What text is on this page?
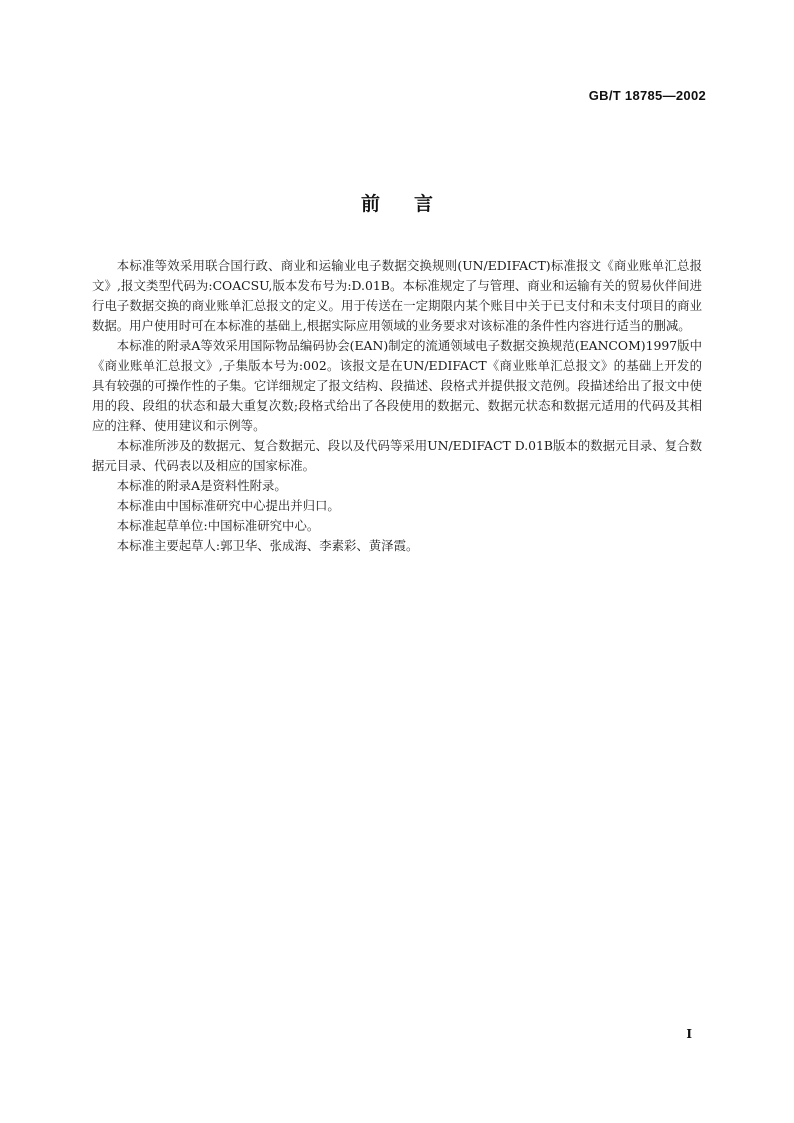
GB/T 18785—2002
前言

本标准等效采用联合国行政、商业和运输业电子数据交换规则(UN/EDIFACT)标准报文《商业账单汇总报文》,报文类型代码为:COACSU,版本发布号为:D.01B。本标准规定了与管理、商业和运输有关的贸易伙伴间进行电子数据交换的商业账单汇总报文的定义。用于传送在一定期限内某个账目中关于已支付和未支付项目的商业数据。用户使用时可在本标准的基础上,根据实际应用领域的业务要求对该标准的条件性内容进行适当的删减。

本标准的附录A等效采用国际物品编码协会(EAN)制定的流通领域电子数据交换规范(EANCOM)1997版中《商业账单汇总报文》,子集版本号为:002。该报文是在UN/EDIFACT《商业账单汇总报文》的基础上开发的具有较强的可操作性的子集。它详细规定了报文结构、段描述、段格式并提供报文范例。段描述给出了报文中使用的段、段组的状态和最大重复次数;段格式给出了各段使用的数据元、数据元状态和数据元适用的代码及其相应的注释、使用建议和示例等。

本标准所涉及的数据元、复合数据元、段以及代码等采用UN/EDIFACT D.01B版本的数据元目录、复合数据元目录、代码表以及相应的国家标准。

本标准的附录A是资料性附录。

本标准由中国标准研究中心提出并归口。

本标准起草单位:中国标准研究中心。

本标准主要起草人:郭卫华、张成海、李素彩、黄泽霞。

I
